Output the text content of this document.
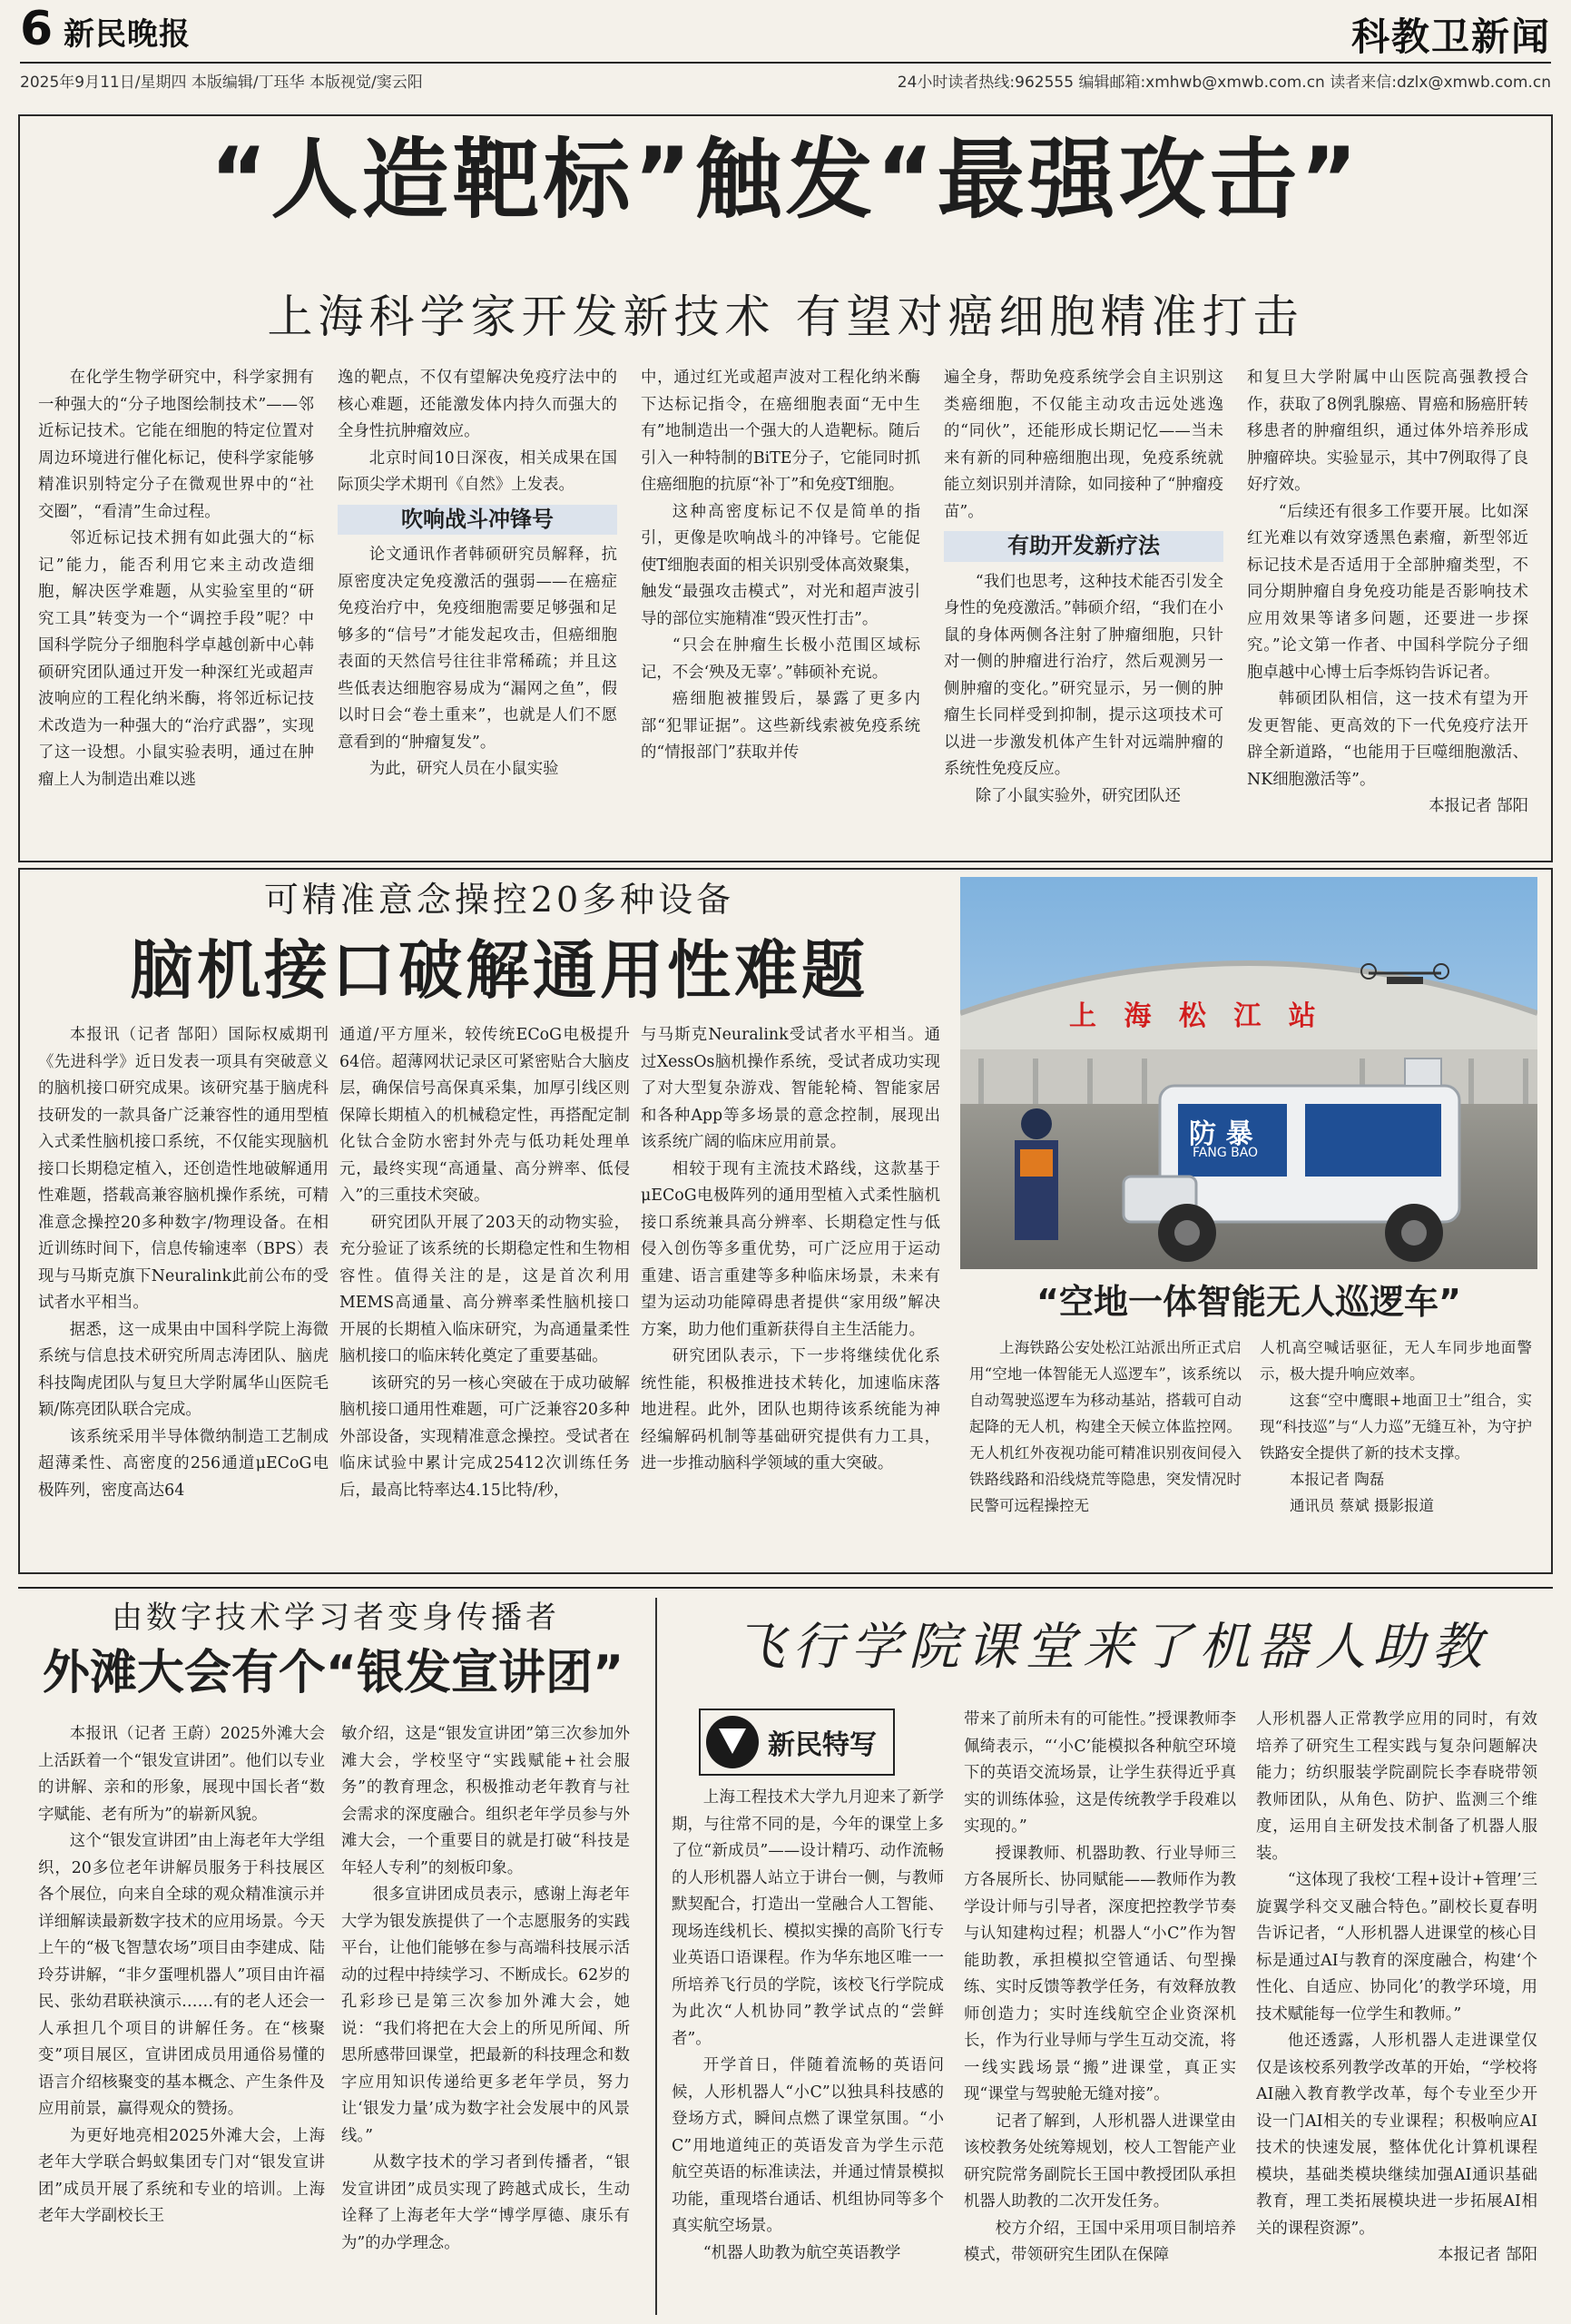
6 新民晚报	科教卫新闻
2025年9月11日/星期四 本版编辑/丁珏华 本版视觉/窦云阳	24小时读者热线:962555 编辑邮箱:xmhwb@xmwb.com.cn 读者来信:dzlx@xmwb.com.cn
“人造靶标”触发“最强攻击”
上海科学家开发新技术 有望对癌细胞精准打击

在化学生物学研究中，科学家拥有一种强大的“分子地图绘制技术”——邻近标记技术。它能在细胞的特定位置对周边环境进行催化标记，使科学家能够精准识别特定分子在微观世界中的“社交圈”，“看清”生命过程。

邻近标记技术拥有如此强大的“标记”能力，能否利用它来主动改造细胞，解决医学难题，从实验室里的“研究工具”转变为一个“调控手段”呢？中国科学院分子细胞科学卓越创新中心韩硕研究团队通过开发一种深红光或超声波响应的工程化纳米酶，将邻近标记技术改造为一种强大的“治疗武器”，实现了这一设想。小鼠实验表明，通过在肿瘤上人为制造出难以逃

逸的靶点，不仅有望解决免疫疗法中的核心难题，还能激发体内持久而强大的全身性抗肿瘤效应。

北京时间10日深夜，相关成果在国际顶尖学术期刊《自然》上发表。

吹响战斗冲锋号

论文通讯作者韩硕研究员解释，抗原密度决定免疫激活的强弱——在癌症免疫治疗中，免疫细胞需要足够强和足够多的“信号”才能发起攻击，但癌细胞表面的天然信号往往非常稀疏；并且这些低表达细胞容易成为“漏网之鱼”，假以时日会“卷土重来”，也就是人们不愿意看到的“肿瘤复发”。

为此，研究人员在小鼠实验

中，通过红光或超声波对工程化纳米酶下达标记指令，在癌细胞表面“无中生有”地制造出一个强大的人造靶标。随后引入一种特制的BiTE分子，它能同时抓住癌细胞的抗原“补丁”和免疫T细胞。

这种高密度标记不仅是简单的指引，更像是吹响战斗的冲锋号。它能促使T细胞表面的相关识别受体高效聚集，触发“最强攻击模式”，对光和超声波引导的部位实施精准“毁灭性打击”。

“只会在肿瘤生长极小范围区域标记，不会‘殃及无辜’。”韩硕补充说。

癌细胞被摧毁后，暴露了更多内部“犯罪证据”。这些新线索被免疫系统的“情报部门”获取并传

遍全身，帮助免疫系统学会自主识别这类癌细胞，不仅能主动攻击远处逃逸的“同伙”，还能形成长期记忆——当未来有新的同种癌细胞出现，免疫系统就能立刻识别并清除，如同接种了“肿瘤疫苗”。

有助开发新疗法

“我们也思考，这种技术能否引发全身性的免疫激活。”韩硕介绍，“我们在小鼠的身体两侧各注射了肿瘤细胞，只针对一侧的肿瘤进行治疗，然后观测另一侧肿瘤的变化。”研究显示，另一侧的肿瘤生长同样受到抑制，提示这项技术可以进一步激发机体产生针对远端肿瘤的系统性免疫反应。

除了小鼠实验外，研究团队还

和复旦大学附属中山医院高强教授合作，获取了8例乳腺癌、胃癌和肠癌肝转移患者的肿瘤组织，通过体外培养形成肿瘤碎块。实验显示，其中7例取得了良好疗效。

“后续还有很多工作要开展。比如深红光难以有效穿透黑色素瘤，新型邻近标记技术是否适用于全部肿瘤类型，不同分期肿瘤自身免疫功能是否影响技术应用效果等诸多问题，还要进一步探究。”论文第一作者、中国科学院分子细胞卓越中心博士后李烁钧告诉记者。

韩硕团队相信，这一技术有望为开发更智能、更高效的下一代免疫疗法开辟全新道路，“也能用于巨噬细胞激活、NK细胞激活等”。

本报记者 郜阳
可精准意念操控20多种设备
脑机接口破解通用性难题

本报讯（记者 郜阳）国际权威期刊《先进科学》近日发表一项具有突破意义的脑机接口研究成果。该研究基于脑虎科技研发的一款具备广泛兼容性的通用型植入式柔性脑机接口系统，不仅能实现脑机接口长期稳定植入，还创造性地破解通用性难题，搭载高兼容脑机操作系统，可精准意念操控20多种数字/物理设备。在相近训练时间下，信息传输速率（BPS）表现与马斯克旗下Neuralink此前公布的受试者水平相当。

据悉，这一成果由中国科学院上海微系统与信息技术研究所周志涛团队、脑虎科技陶虎团队与复旦大学附属华山医院毛颖/陈亮团队联合完成。

该系统采用半导体微纳制造工艺制成超薄柔性、高密度的256通道μECoG电极阵列，密度高达64

通道/平方厘米，较传统ECoG电极提升64倍。超薄网状记录区可紧密贴合大脑皮层，确保信号高保真采集，加厚引线区则保障长期植入的机械稳定性，再搭配定制化钛合金防水密封外壳与低功耗处理单元，最终实现“高通量、高分辨率、低侵入”的三重技术突破。

研究团队开展了203天的动物实验，充分验证了该系统的长期稳定性和生物相容性。值得关注的是，这是首次利用MEMS高通量、高分辨率柔性脑机接口开展的长期植入临床研究，为高通量柔性脑机接口的临床转化奠定了重要基础。

该研究的另一核心突破在于成功破解脑机接口通用性难题，可广泛兼容20多种外部设备，实现精准意念操控。受试者在临床试验中累计完成25412次训练任务后，最高比特率达4.15比特/秒，

与马斯克Neuralink受试者水平相当。通过XessOs脑机操作系统，受试者成功实现了对大型复杂游戏、智能轮椅、智能家居和各种App等多场景的意念控制，展现出该系统广阔的临床应用前景。

相较于现有主流技术路线，这款基于μECoG电极阵列的通用型植入式柔性脑机接口系统兼具高分辨率、长期稳定性与低侵入创伤等多重优势，可广泛应用于运动重建、语言重建等多种临床场景，未来有望为运动功能障碍患者提供“家用级”解决方案，助力他们重新获得自主生活能力。

研究团队表示，下一步将继续优化系统性能，积极推进技术转化，加速临床落地进程。此外，团队也期待该系统能为神经编解码机制等基础研究提供有力工具，进一步推动脑科学领域的重大突破。

上 海 松 江 站
防 暴
FANG BAO
“空地一体智能无人巡逻车”

上海铁路公安处松江站派出所正式启用“空地一体智能无人巡逻车”，该系统以自动驾驶巡逻车为移动基站，搭载可自动起降的无人机，构建全天候立体监控网。无人机红外夜视功能可精准识别夜间侵入铁路线路和沿线烧荒等隐患，突发情况时民警可远程操控无

人机高空喊话驱征，无人车同步地面警示，极大提升响应效率。

这套“空中鹰眼+地面卫士”组合，实现“科技巡”与“人力巡”无缝互补，为守护铁路安全提供了新的技术支撑。

本报记者 陶磊

通讯员 蔡斌 摄影报道

由数字技术学习者变身传播者
外滩大会有个“银发宣讲团”

本报讯（记者 王蔚）2025外滩大会上活跃着一个“银发宣讲团”。他们以专业的讲解、亲和的形象，展现中国长者“数字赋能、老有所为”的崭新风貌。

这个“银发宣讲团”由上海老年大学组织，20多位老年讲解员服务于科技展区各个展位，向来自全球的观众精准演示并详细解读最新数字技术的应用场景。今天上午的“极飞智慧农场”项目由李建成、陆玲芬讲解，“非夕蛋哩机器人”项目由许福民、张幼君联袂演示……有的老人还会一人承担几个项目的讲解任务。在“核聚变”项目展区，宣讲团成员用通俗易懂的语言介绍核聚变的基本概念、产生条件及应用前景，赢得观众的赞扬。

为更好地亮相2025外滩大会，上海老年大学联合蚂蚁集团专门对“银发宣讲团”成员开展了系统和专业的培训。上海老年大学副校长王

敏介绍，这是“银发宣讲团”第三次参加外滩大会，学校坚守“实践赋能+社会服务”的教育理念，积极推动老年教育与社会需求的深度融合。组织老年学员参与外滩大会，一个重要目的就是打破“科技是年轻人专利”的刻板印象。

很多宣讲团成员表示，感谢上海老年大学为银发族提供了一个志愿服务的实践平台，让他们能够在参与高端科技展示活动的过程中持续学习、不断成长。62岁的孔彩珍已是第三次参加外滩大会，她说：“我们将把在大会上的所见所闻、所思所感带回课堂，把最新的科技理念和数字应用知识传递给更多老年学员，努力让‘银发力量’成为数字社会发展中的风景线。”

从数字技术的学习者到传播者，“银发宣讲团”成员实现了跨越式成长，生动诠释了上海老年大学“博学厚德、康乐有为”的办学理念。

飞行学院课堂来了机器人助教
新民特写

上海工程技术大学九月迎来了新学期，与往常不同的是，今年的课堂上多了位“新成员”——设计精巧、动作流畅的人形机器人站立于讲台一侧，与教师默契配合，打造出一堂融合人工智能、现场连线机长、模拟实操的高阶飞行专业英语口语课程。作为华东地区唯一一所培养飞行员的学院，该校飞行学院成为此次“人机协同”教学试点的“尝鲜者”。

开学首日，伴随着流畅的英语问候，人形机器人“小C”以独具科技感的登场方式，瞬间点燃了课堂氛围。“小C”用地道纯正的英语发音为学生示范航空英语的标准读法，并通过情景模拟功能，重现塔台通话、机组协同等多个真实航空场景。

“机器人助教为航空英语教学

带来了前所未有的可能性。”授课教师李佩绮表示，“‘小C’能模拟各种航空环境下的英语交流场景，让学生获得近乎真实的训练体验，这是传统教学手段难以实现的。”

授课教师、机器助教、行业导师三方各展所长、协同赋能——教师作为教学设计师与引导者，深度把控教学节奏与认知建构过程；机器人“小C”作为智能助教，承担模拟空管通话、句型操练、实时反馈等教学任务，有效释放教师创造力；实时连线航空企业资深机长，作为行业导师与学生互动交流，将一线实践场景“搬”进课堂，真正实现“课堂与驾驶舱无缝对接”。

记者了解到，人形机器人进课堂由该校教务处统筹规划，校人工智能产业研究院常务副院长王国中教授团队承担机器人助教的二次开发任务。

校方介绍，王国中采用项目制培养模式，带领研究生团队在保障

人形机器人正常教学应用的同时，有效培养了研究生工程实践与复杂问题解决能力；纺织服装学院副院长李春晓带领教师团队，从角色、防护、监测三个维度，运用自主研发技术制备了机器人服装。

“这体现了我校‘工程+设计+管理’三旋翼学科交叉融合特色。”副校长夏春明告诉记者，“人形机器人进课堂的核心目标是通过AI与教育的深度融合，构建‘个性化、自适应、协同化’的教学环境，用技术赋能每一位学生和教师。”

他还透露，人形机器人走进课堂仅仅是该校系列教学改革的开始，“学校将AI融入教育教学改革，每个专业至少开设一门AI相关的专业课程；积极响应AI技术的快速发展，整体优化计算机课程模块，基础类模块继续加强AI通识基础教育，理工类拓展模块进一步拓展AI相关的课程资源”。

本报记者 郜阳
